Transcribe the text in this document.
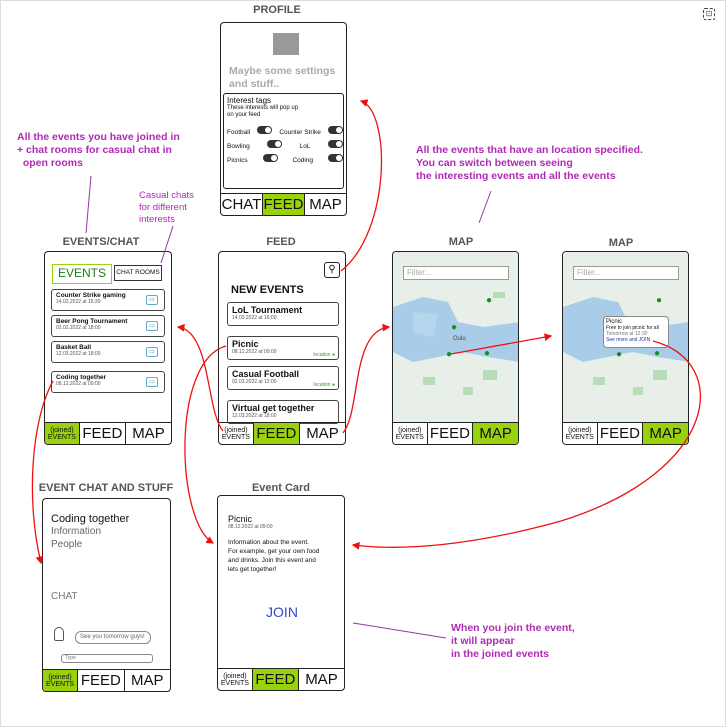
⊡
PROFILE
EVENTS/CHAT	FEED	MAP	MAP
EVENT CHAT AND STUFF	Event Card
All the events you have joined in
+ chat rooms for casual chat in
open rooms
Casual chats
for different
interests
All the events that have an location specified.
You can switch between seeing
the interesting events and all the events
When you join the event,
it will appear
in the joined events
Maybe some settings
and stuff..
Interest tags
These interests will pop up
on your feed
Football	Counter Strike
Bowling	LoL
Picnics	Coding
CHAT FEED MAP
EVENTS	CHAT ROOMS
Counter Strike gaming
14.02.2022 at 15:30	⇨
Beer Pong Tournament
02.02.2022 at 18:00	⇨
Basket Ball
12.03.2022 at 18:00	⇨
Coding together
08.12.2022 at 09:00	⇨
(joined)
EVENTS FEED MAP
⚲
NEW EVENTS
LoL Tournament
14.03.2022 at 16:00
Picnic
08.12.2022 at 09:00	location ●
Casual Football
02.03.2022 at 12:00	location ●
Virtual get together
12.03.2022 at 18:00
(joined)
EVENTS FEED MAP
Filter...
Oulu
●
●
●	●
(joined)
EVENTS FEED MAP
Filter...
●
●	●
Picnic
Free to join picnic for all
Tomorrow at 12:30
See more and JOIN
(joined)
EVENTS FEED MAP
Coding together
Information
People
CHAT
See you tomorrow guys!
Type
(joined)
EVENTS FEED MAP
Picnic
08.12.2022 at 09:00
Information about the event.
For example, get your own food
and drinks. Join this event and
lets get together!
JOIN
(joined)
EVENTS FEED MAP
